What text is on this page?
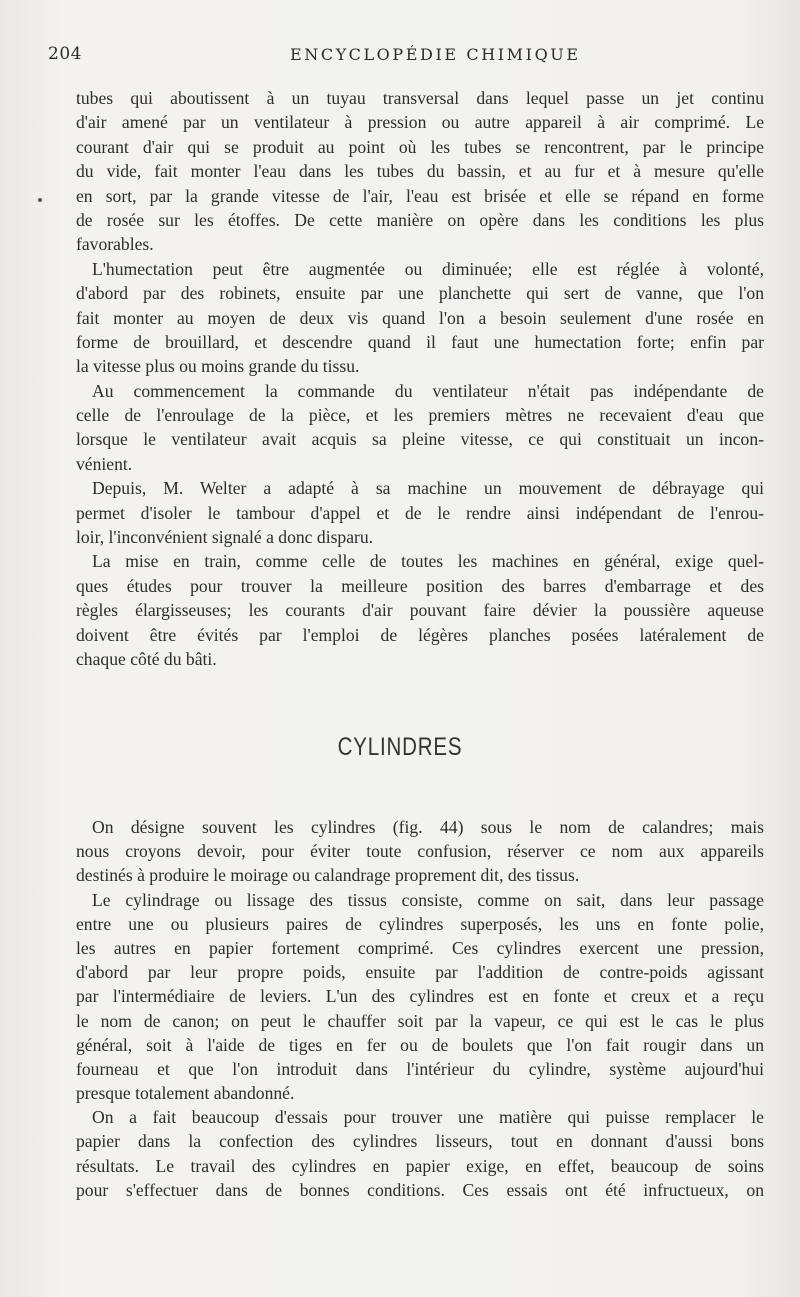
204	ENCYCLOPÉDIE CHIMIQUE
tubes qui aboutissent à un tuyau transversal dans lequel passe un jet continu
d'air amené par un ventilateur à pression ou autre appareil à air comprimé. Le
courant d'air qui se produit au point où les tubes se rencontrent, par le principe
du vide, fait monter l'eau dans les tubes du bassin, et au fur et à mesure qu'elle
en sort, par la grande vitesse de l'air, l'eau est brisée et elle se répand en forme
de rosée sur les étoffes. De cette manière on opère dans les conditions les plus
favorables.
L'humectation peut être augmentée ou diminuée; elle est réglée à volonté,
d'abord par des robinets, ensuite par une planchette qui sert de vanne, que l'on
fait monter au moyen de deux vis quand l'on a besoin seulement d'une rosée en
forme de brouillard, et descendre quand il faut une humectation forte; enfin par
la vitesse plus ou moins grande du tissu.
Au commencement la commande du ventilateur n'était pas indépendante de
celle de l'enroulage de la pièce, et les premiers mètres ne recevaient d'eau que
lorsque le ventilateur avait acquis sa pleine vitesse, ce qui constituait un incon-
vénient.
Depuis, M. Welter a adapté à sa machine un mouvement de débrayage qui
permet d'isoler le tambour d'appel et de le rendre ainsi indépendant de l'enrou-
loir, l'inconvénient signalé a donc disparu.
La mise en train, comme celle de toutes les machines en général, exige quel-
ques études pour trouver la meilleure position des barres d'embarrage et des
règles élargisseuses; les courants d'air pouvant faire dévier la poussière aqueuse
doivent être évités par l'emploi de légères planches posées latéralement de
chaque côté du bâti.
CYLINDRES
On désigne souvent les cylindres (fig. 44) sous le nom de calandres; mais
nous croyons devoir, pour éviter toute confusion, réserver ce nom aux appareils
destinés à produire le moirage ou calandrage proprement dit, des tissus.
Le cylindrage ou lissage des tissus consiste, comme on sait, dans leur passage
entre une ou plusieurs paires de cylindres superposés, les uns en fonte polie,
les autres en papier fortement comprimé. Ces cylindres exercent une pression,
d'abord par leur propre poids, ensuite par l'addition de contre-poids agissant
par l'intermédiaire de leviers. L'un des cylindres est en fonte et creux et a reçu
le nom de canon; on peut le chauffer soit par la vapeur, ce qui est le cas le plus
général, soit à l'aide de tiges en fer ou de boulets que l'on fait rougir dans un
fourneau et que l'on introduit dans l'intérieur du cylindre, système aujourd'hui
presque totalement abandonné.
On a fait beaucoup d'essais pour trouver une matière qui puisse remplacer le
papier dans la confection des cylindres lisseurs, tout en donnant d'aussi bons
résultats. Le travail des cylindres en papier exige, en effet, beaucoup de soins
pour s'effectuer dans de bonnes conditions. Ces essais ont été infructueux, on
